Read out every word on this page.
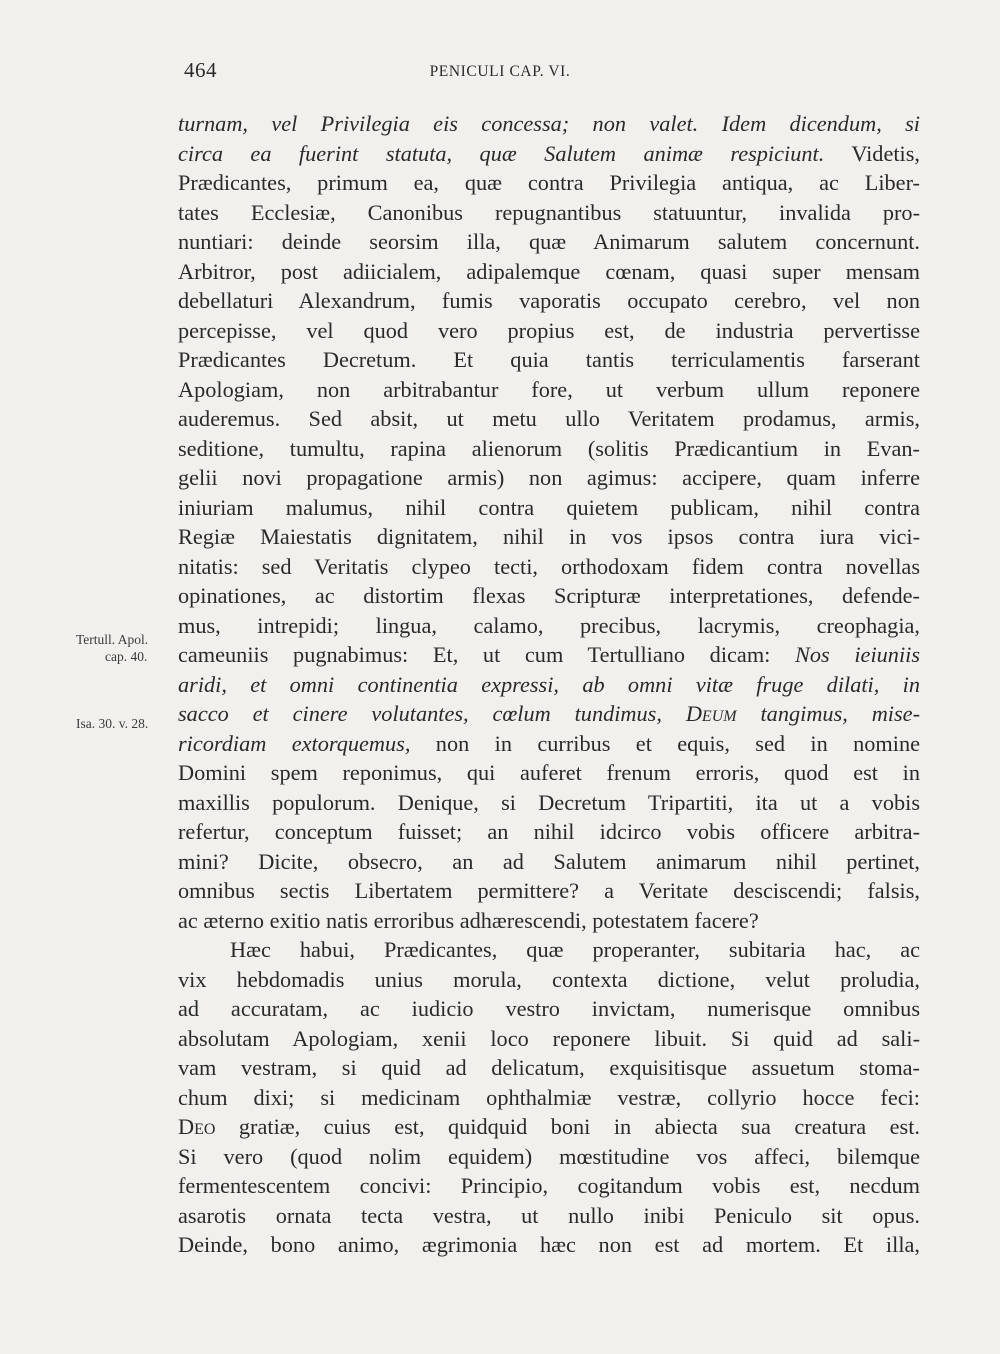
464	PENICULI CAP. VI.
Tertull. Apol.
cap. 40.
Isa. 30. v. 28.
turnam, vel Privilegia eis concessa; non valet. Idem dicendum, si
circa ea fuerint statuta, quæ Salutem animæ respiciunt. Videtis,
Prædicantes, primum ea, quæ contra Privilegia antiqua, ac Liber-
tates Ecclesiæ, Canonibus repugnantibus statuuntur, invalida pro-
nuntiari: deinde seorsim illa, quæ Animarum salutem concernunt.
Arbitror, post adiicialem, adipalemque cœnam, quasi super mensam
debellaturi Alexandrum, fumis vaporatis occupato cerebro, vel non
percepisse, vel quod vero propius est, de industria pervertisse
Prædicantes Decretum. Et quia tantis terriculamentis farserant
Apologiam, non arbitrabantur fore, ut verbum ullum reponere
auderemus. Sed absit, ut metu ullo Veritatem prodamus, armis,
seditione, tumultu, rapina alienorum (solitis Prædicantium in Evan-
gelii novi propagatione armis) non agimus: accipere, quam inferre
iniuriam malumus, nihil contra quietem publicam, nihil contra
Regiæ Maiestatis dignitatem, nihil in vos ipsos contra iura vici-
nitatis: sed Veritatis clypeo tecti, orthodoxam fidem contra novellas
opinationes, ac distortim flexas Scripturæ interpretationes, defende-
mus, intrepidi; lingua, calamo, precibus, lacrymis, creophagia,
cameuniis pugnabimus: Et, ut cum Tertulliano dicam: Nos ieiuniis
aridi, et omni continentia expressi, ab omni vitæ fruge dilati, in
sacco et cinere volutantes, cœlum tundimus, Deum tangimus, mise-
ricordiam extorquemus, non in curribus et equis, sed in nomine
Domini spem reponimus, qui auferet frenum erroris, quod est in
maxillis populorum. Denique, si Decretum Tripartiti, ita ut a vobis
refertur, conceptum fuisset; an nihil idcirco vobis officere arbitra-
mini? Dicite, obsecro, an ad Salutem animarum nihil pertinet,
omnibus sectis Libertatem permittere? a Veritate desciscendi; falsis,
ac æterno exitio natis erroribus adhærescendi, potestatem facere?
Hæc habui, Prædicantes, quæ properanter, subitaria hac, ac
vix hebdomadis unius morula, contexta dictione, velut proludia,
ad accuratam, ac iudicio vestro invictam, numerisque omnibus
absolutam Apologiam, xenii loco reponere libuit. Si quid ad sali-
vam vestram, si quid ad delicatum, exquisitisque assuetum stoma-
chum dixi; si medicinam ophthalmiæ vestræ, collyrio hocce feci:
Deo gratiæ, cuius est, quidquid boni in abiecta sua creatura est.
Si vero (quod nolim equidem) mœstitudine vos affeci, bilemque
fermentescentem concivi: Principio, cogitandum vobis est, necdum
asarotis ornata tecta vestra, ut nullo inibi Peniculo sit opus.
Deinde, bono animo, ægrimonia hæc non est ad mortem. Et illa,
